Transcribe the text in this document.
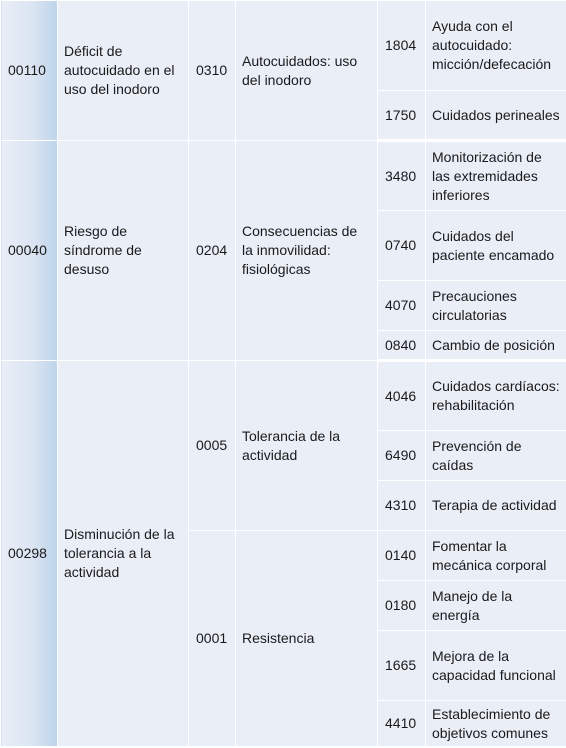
00110	Déficit de autocuidado en el uso del inodoro	0310	Autocuidados: uso del inodoro	1804	Ayuda con el autocuidado: micción/defecación
				1750	Cuidados perineales
00040	Riesgo de síndrome de desuso	0204	Consecuencias de la inmovilidad: fisiológicas	3480	Monitorización de las extremidades inferiores
				0740	Cuidados del paciente encamado
				4070	Precauciones circulatorias
				0840	Cambio de posición
00298	Disminución de la tolerancia a la actividad	0005	Tolerancia de la actividad	4046	Cuidados cardíacos: rehabilitación
				6490	Prevención de caídas
				4310	Terapia de actividad
		0001	Resistencia	0140	Fomentar la mecánica corporal
				0180	Manejo de la energía
				1665	Mejora de la capacidad funcional
				4410	Establecimiento de objetivos comunes
